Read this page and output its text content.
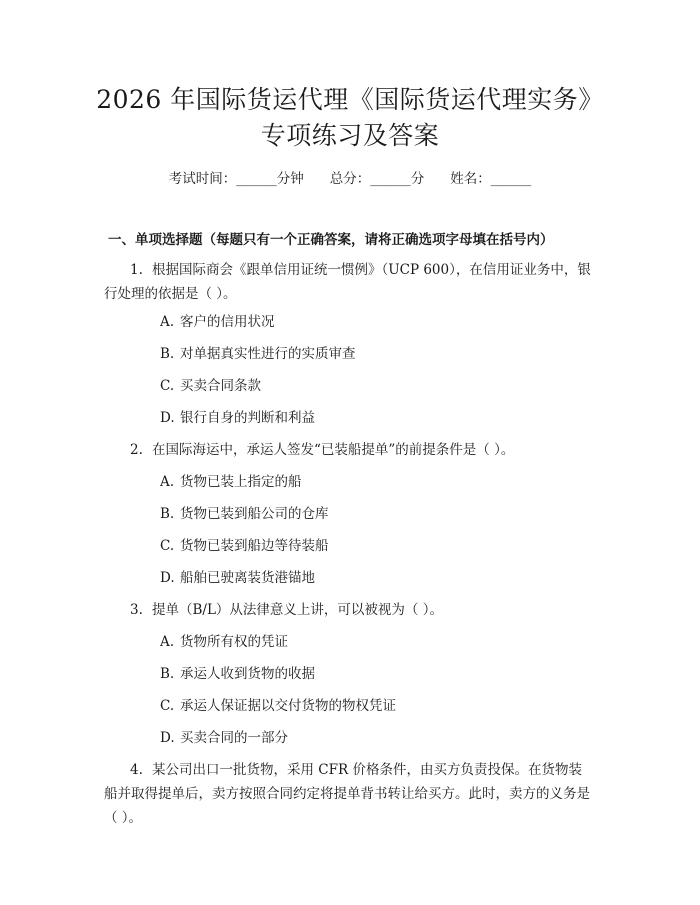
2026 年国际货运代理《国际货运代理实务》
专项练习及答案
考试时间：______分钟 总分：______分 姓名：______
一、单项选择题（每题只有一个正确答案，请将正确选项字母填在括号内）
1. 根据国际商会《跟单信用证统一惯例》（UCP 600），在信用证业务中，银行处理的依据是（ ）。
A. 客户的信用状况
B. 对单据真实性进行的实质审查
C. 买卖合同条款
D. 银行自身的判断和利益
2. 在国际海运中，承运人签发“已装船提单”的前提条件是（ ）。
A. 货物已装上指定的船
B. 货物已装到船公司的仓库
C. 货物已装到船边等待装船
D. 船舶已驶离装货港锚地
3. 提单（B/L）从法律意义上讲，可以被视为（ ）。
A. 货物所有权的凭证
B. 承运人收到货物的收据
C. 承运人保证据以交付货物的物权凭证
D. 买卖合同的一部分
4. 某公司出口一批货物，采用 CFR 价格条件，由买方负责投保。在货物装船并取得提单后，卖方按照合同约定将提单背书转让给买方。此时，卖方的义务是（ ）。
